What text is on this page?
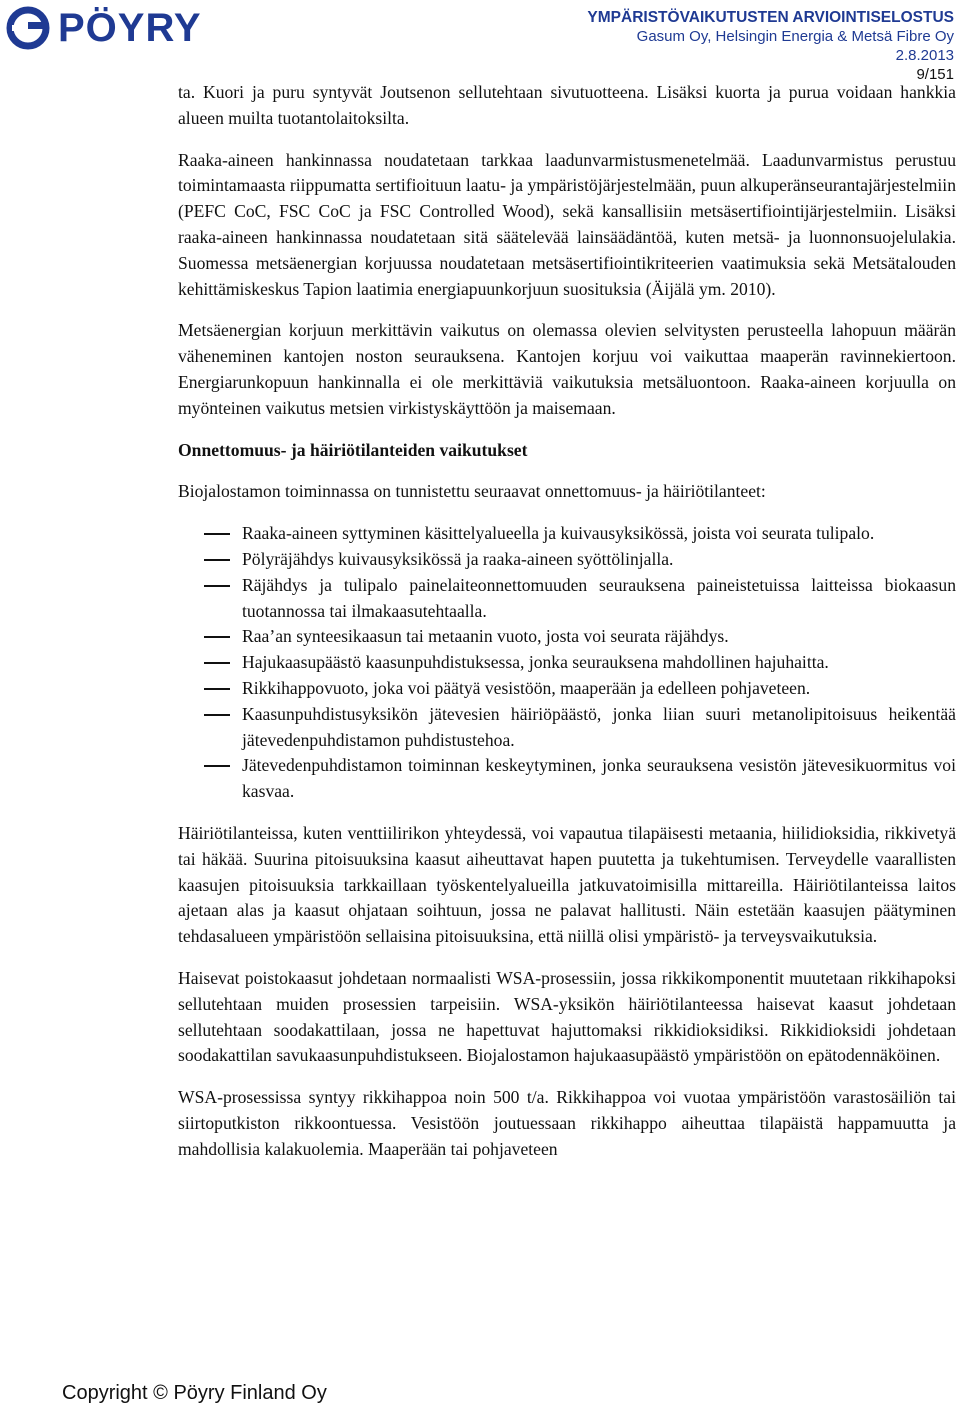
PÖYRY	YMPÄRISTÖVAIKUTUSTEN ARVIOINTISELOSTUS
Gasum Oy, Helsingin Energia & Metsä Fibre Oy
2.8.2013
9/151

ta. Kuori ja puru syntyvät Joutsenon sellutehtaan sivutuotteena. Lisäksi kuorta ja purua voidaan hankkia alueen muilta tuotantolaitoksilta.

Raaka-aineen hankinnassa noudatetaan tarkkaa laadunvarmistusmenetelmää. Laadunvarmistus perustuu toimintamaasta riippumatta sertifioituun laatu- ja ympäristöjärjestelmään, puun alkuperänseurantajärjestelmiin (PEFC CoC, FSC CoC ja FSC Controlled Wood), sekä kansallisiin metsäsertifiointijärjestelmiin. Lisäksi raaka-aineen hankinnassa noudatetaan sitä säätelevää lainsäädäntöä, kuten metsä- ja luonnonsuojelulakia. Suomessa metsäenergian korjuussa noudatetaan metsäsertifiointikriteerien vaatimuksia sekä Metsätalouden kehittämiskeskus Tapion laatimia energiapuunkorjuun suosituksia (Äijälä ym. 2010).

Metsäenergian korjuun merkittävin vaikutus on olemassa olevien selvitysten perusteella lahopuun määrän väheneminen kantojen noston seurauksena. Kantojen korjuu voi vaikuttaa maaperän ravinnekiertoon. Energiarunkopuun hankinnalla ei ole merkittäviä vaikutuksia metsäluontoon. Raaka-aineen korjuulla on myönteinen vaikutus metsien virkistyskäyttöön ja maisemaan.

Onnettomuus- ja häiriötilanteiden vaikutukset

Biojalostamon toiminnassa on tunnistettu seuraavat onnettomuus- ja häiriötilanteet:

Raaka-aineen syttyminen käsittelyalueella ja kuivausyksikössä, joista voi seurata tulipalo.
Pölyräjähdys kuivausyksikössä ja raaka-aineen syöttölinjalla.
Räjähdys ja tulipalo painelaiteonnettomuuden seurauksena paineistetuissa laitteissa biokaasun tuotannossa tai ilmakaasutehtaalla.
Raa’an synteesikaasun tai metaanin vuoto, josta voi seurata räjähdys.
Hajukaasupäästö kaasunpuhdistuksessa, jonka seurauksena mahdollinen hajuhaitta.
Rikkihappovuoto, joka voi päätyä vesistöön, maaperään ja edelleen pohjaveteen.
Kaasunpuhdistusyksikön jätevesien häiriöpäästö, jonka liian suuri metanolipitoisuus heikentää jätevedenpuhdistamon puhdistustehoa.
Jätevedenpuhdistamon toiminnan keskeytyminen, jonka seurauksena vesistön jätevesikuormitus voi kasvaa.

Häiriötilanteissa, kuten venttiilirikon yhteydessä, voi vapautua tilapäisesti metaania, hiilidioksidia, rikkivetyä tai häkää. Suurina pitoisuuksina kaasut aiheuttavat hapen puutetta ja tukehtumisen. Terveydelle vaarallisten kaasujen pitoisuuksia tarkkaillaan työskentelyalueilla jatkuvatoimisilla mittareilla. Häiriötilanteissa laitos ajetaan alas ja kaasut ohjataan soihtuun, jossa ne palavat hallitusti. Näin estetään kaasujen päätyminen tehdasalueen ympäristöön sellaisina pitoisuuksina, että niillä olisi ympäristö- ja terveysvaikutuksia.

Haisevat poistokaasut johdetaan normaalisti WSA-prosessiin, jossa rikkikomponentit muutetaan rikkihapoksi sellutehtaan muiden prosessien tarpeisiin. WSA-yksikön häiriötilanteessa haisevat kaasut johdetaan sellutehtaan soodakattilaan, jossa ne hapettuvat hajuttomaksi rikkidioksidiksi. Rikkidioksidi johdetaan soodakattilan savukaasunpuhdistukseen. Biojalostamon hajukaasupäästö ympäristöön on epätodennäköinen.

WSA-prosessissa syntyy rikkihappoa noin 500 t/a. Rikkihappoa voi vuotaa ympäristöön varastosäiliön tai siirtoputkiston rikkoontuessa. Vesistöön joutuessaan rikkihappo aiheuttaa tilapäistä happamuutta ja mahdollisia kalakuolemia. Maaperään tai pohjaveteen

Copyright © Pöyry Finland Oy
